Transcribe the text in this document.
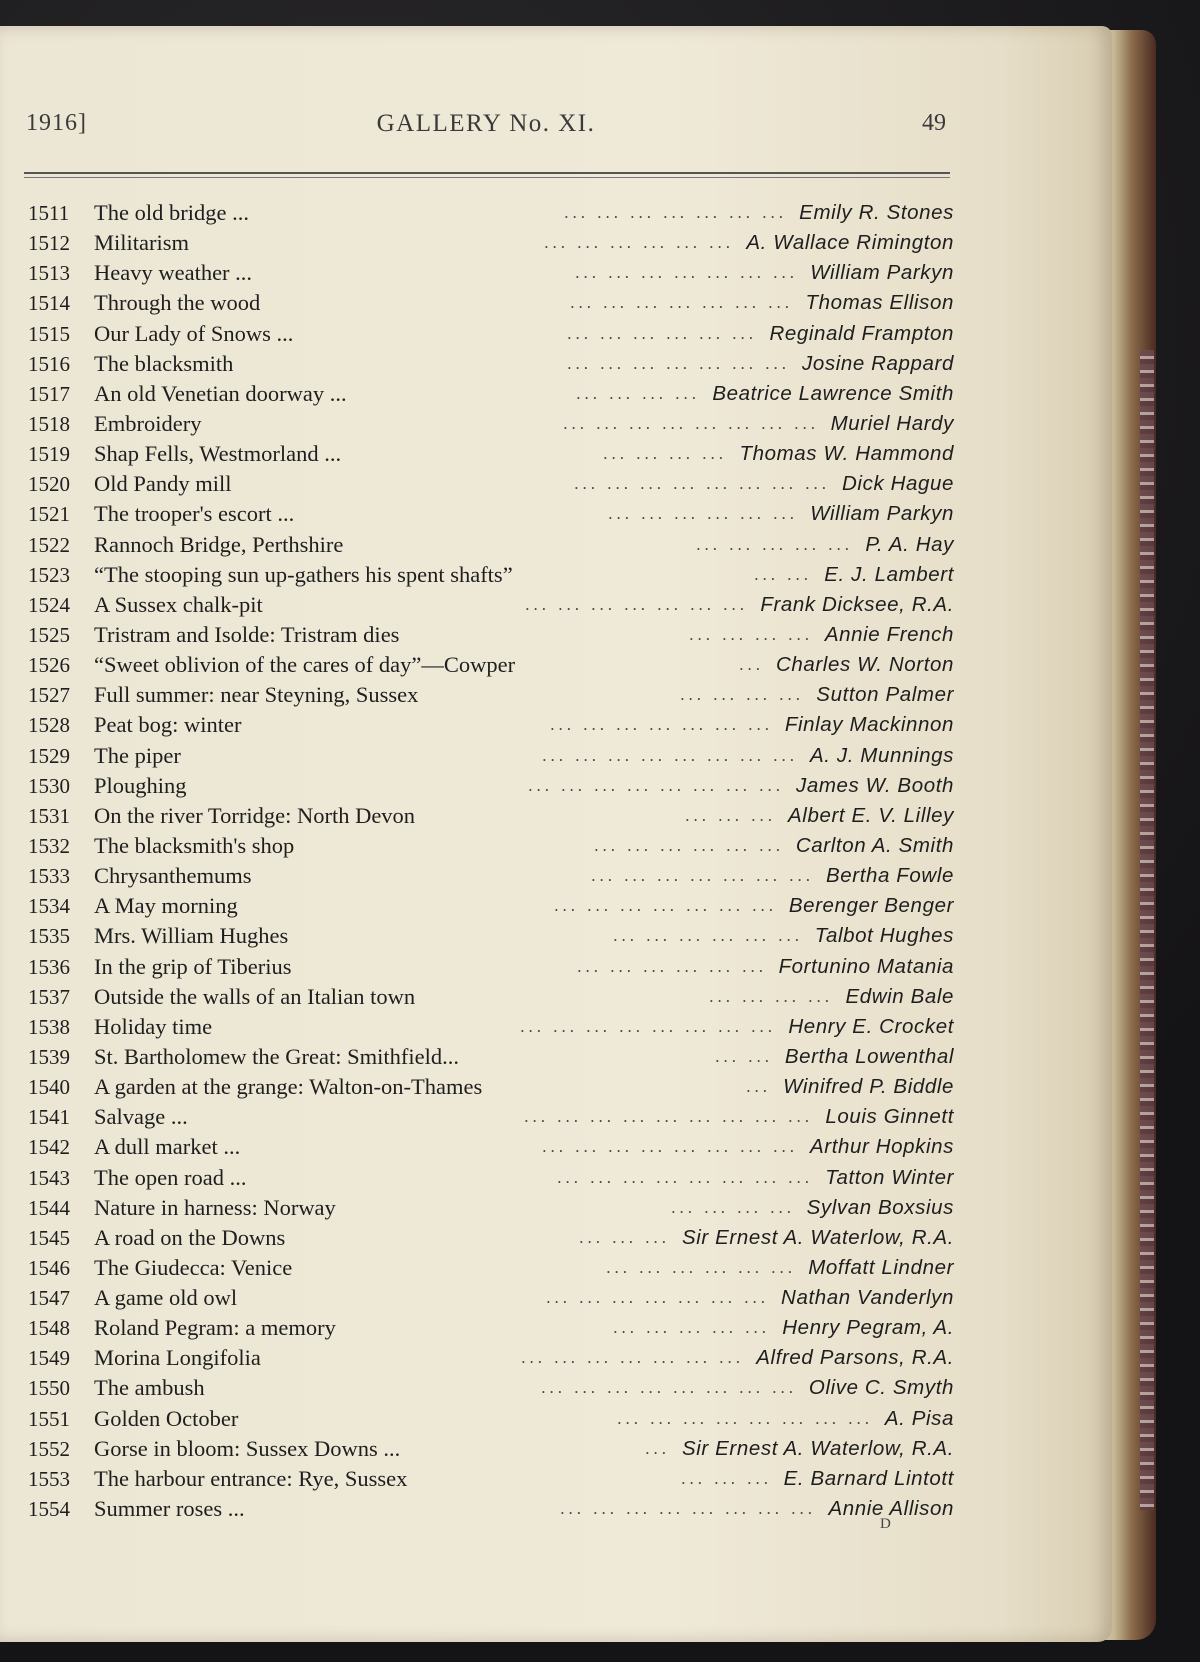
1916]	GALLERY No. XI.	49
1511	The old bridge ...	... ... ... ... ... ... ... Emily R. Stones
1512	Militarism	... ... ... ... ... ... A. Wallace Rimington
1513	Heavy weather ...	... ... ... ... ... ... ... William Parkyn
1514	Through the wood	... ... ... ... ... ... ... Thomas Ellison
1515	Our Lady of Snows ...	... ... ... ... ... ... Reginald Frampton
1516	The blacksmith	... ... ... ... ... ... ... Josine Rappard
1517	An old Venetian doorway ...	... ... ... ... Beatrice Lawrence Smith
1518	Embroidery	... ... ... ... ... ... ... ... Muriel Hardy
1519	Shap Fells, Westmorland ...	... ... ... ... Thomas W. Hammond
1520	Old Pandy mill	... ... ... ... ... ... ... ... Dick Hague
1521	The trooper's escort ...	... ... ... ... ... ... William Parkyn
1522	Rannoch Bridge, Perthshire	... ... ... ... ... P. A. Hay
1523	“The stooping sun up-gathers his spent shafts”	... ... E. J. Lambert
1524	A Sussex chalk-pit	... ... ... ... ... ... ... Frank Dicksee, R.A.
1525	Tristram and Isolde: Tristram dies	... ... ... ... Annie French
1526	“Sweet oblivion of the cares of day”—Cowper	... Charles W. Norton
1527	Full summer: near Steyning, Sussex	... ... ... ... Sutton Palmer
1528	Peat bog: winter	... ... ... ... ... ... ... Finlay Mackinnon
1529	The piper	... ... ... ... ... ... ... ... A. J. Munnings
1530	Ploughing	... ... ... ... ... ... ... ... James W. Booth
1531	On the river Torridge: North Devon	... ... ... Albert E. V. Lilley
1532	The blacksmith's shop	... ... ... ... ... ... Carlton A. Smith
1533	Chrysanthemums	... ... ... ... ... ... ... Bertha Fowle
1534	A May morning	... ... ... ... ... ... ... Berenger Benger
1535	Mrs. William Hughes	... ... ... ... ... ... Talbot Hughes
1536	In the grip of Tiberius	... ... ... ... ... ... Fortunino Matania
1537	Outside the walls of an Italian town	... ... ... ... Edwin Bale
1538	Holiday time	... ... ... ... ... ... ... ... Henry E. Crocket
1539	St. Bartholomew the Great: Smithfield...	... ... Bertha Lowenthal
1540	A garden at the grange: Walton-on-Thames	... Winifred P. Biddle
1541	Salvage ...	... ... ... ... ... ... ... ... ... Louis Ginnett
1542	A dull market ...	... ... ... ... ... ... ... ... Arthur Hopkins
1543	The open road ...	... ... ... ... ... ... ... ... Tatton Winter
1544	Nature in harness: Norway	... ... ... ... Sylvan Boxsius
1545	A road on the Downs	... ... ... Sir Ernest A. Waterlow, R.A.
1546	The Giudecca: Venice	... ... ... ... ... ... Moffatt Lindner
1547	A game old owl	... ... ... ... ... ... ... Nathan Vanderlyn
1548	Roland Pegram: a memory	... ... ... ... ... Henry Pegram, A.
1549	Morina Longifolia	... ... ... ... ... ... ... Alfred Parsons, R.A.
1550	The ambush	... ... ... ... ... ... ... ... Olive C. Smyth
1551	Golden October	... ... ... ... ... ... ... ... A. Pisa
1552	Gorse in bloom: Sussex Downs ...	... Sir Ernest A. Waterlow, R.A.
1553	The harbour entrance: Rye, Sussex	... ... ... E. Barnard Lintott
1554	Summer roses ...	... ... ... ... ... ... ... ... Annie Allison
D
